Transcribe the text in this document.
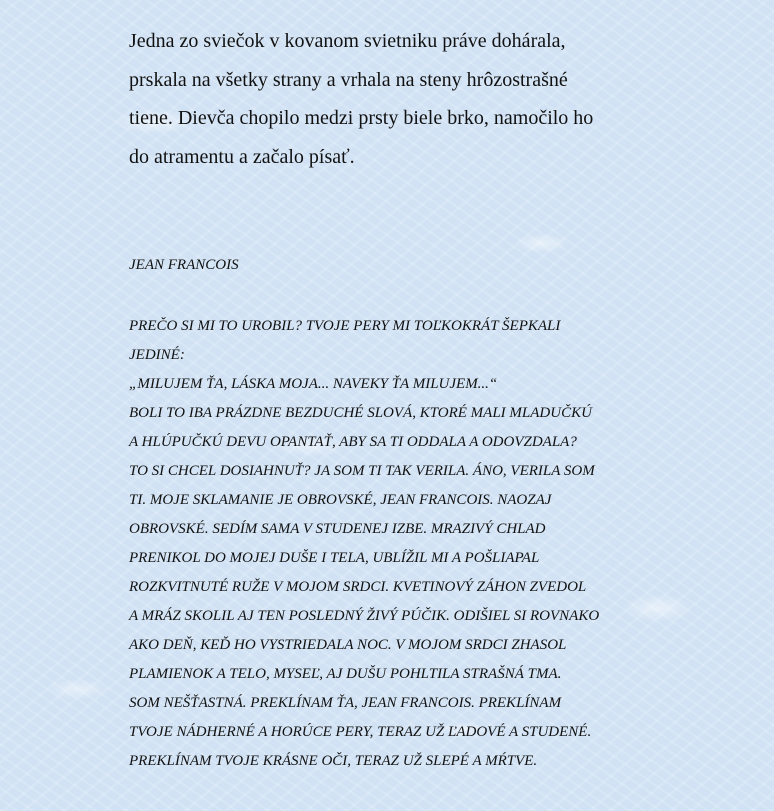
Jedna zo sviečok v kovanom svietniku práve dohárala,
prskala na všetky strany a vrhala na steny hrôzostrašné
tiene. Dievča chopilo medzi prsty biele brko, namočilo ho
do atramentu a začalo písať.

JEAN FRANCOIS

PREČO SI MI TO UROBIL? TVOJE PERY MI TOĽKOKRÁT ŠEPKALI
JEDINÉ:
„MILUJEM ŤA, LÁSKA MOJA... NAVEKY ŤA MILUJEM...“
BOLI TO IBA PRÁZDNE BEZDUCHÉ SLOVÁ, KTORÉ MALI MLADUČKÚ
A HLÚPUČKÚ DEVU OPANTAŤ, ABY SA TI ODDALA A ODOVZDALA?
TO SI CHCEL DOSIAHNUŤ? JA SOM TI TAK VERILA. ÁNO, VERILA SOM
TI. MOJE SKLAMANIE JE OBROVSKÉ, JEAN FRANCOIS. NAOZAJ
OBROVSKÉ. SEDÍM SAMA V STUDENEJ IZBE. MRAZIVÝ CHLAD
PRENIKOL DO MOJEJ DUŠE I TELA, UBLÍŽIL MI A POŠLIAPAL
ROZKVITNUTÉ RUŽE V MOJOM SRDCI. KVETINOVÝ ZÁHON ZVEDOL
A MRÁZ SKOLIL AJ TEN POSLEDNÝ ŽIVÝ PÚČIK. ODIŠIEL SI ROVNAKO
AKO DEŇ, KEĎ HO VYSTRIEDALA NOC. V MOJOM SRDCI ZHASOL
PLAMIENOK A TELO, MYSEĽ, AJ DUŠU POHLTILA STRAŠNÁ TMA.
SOM NEŠŤASTNÁ. PREKLÍNAM ŤA, JEAN FRANCOIS. PREKLÍNAM
TVOJE NÁDHERNÉ A HORÚCE PERY, TERAZ UŽ ĽADOVÉ A STUDENÉ.
PREKLÍNAM TVOJE KRÁSNE OČI, TERAZ UŽ SLEPÉ A MŔTVE.
